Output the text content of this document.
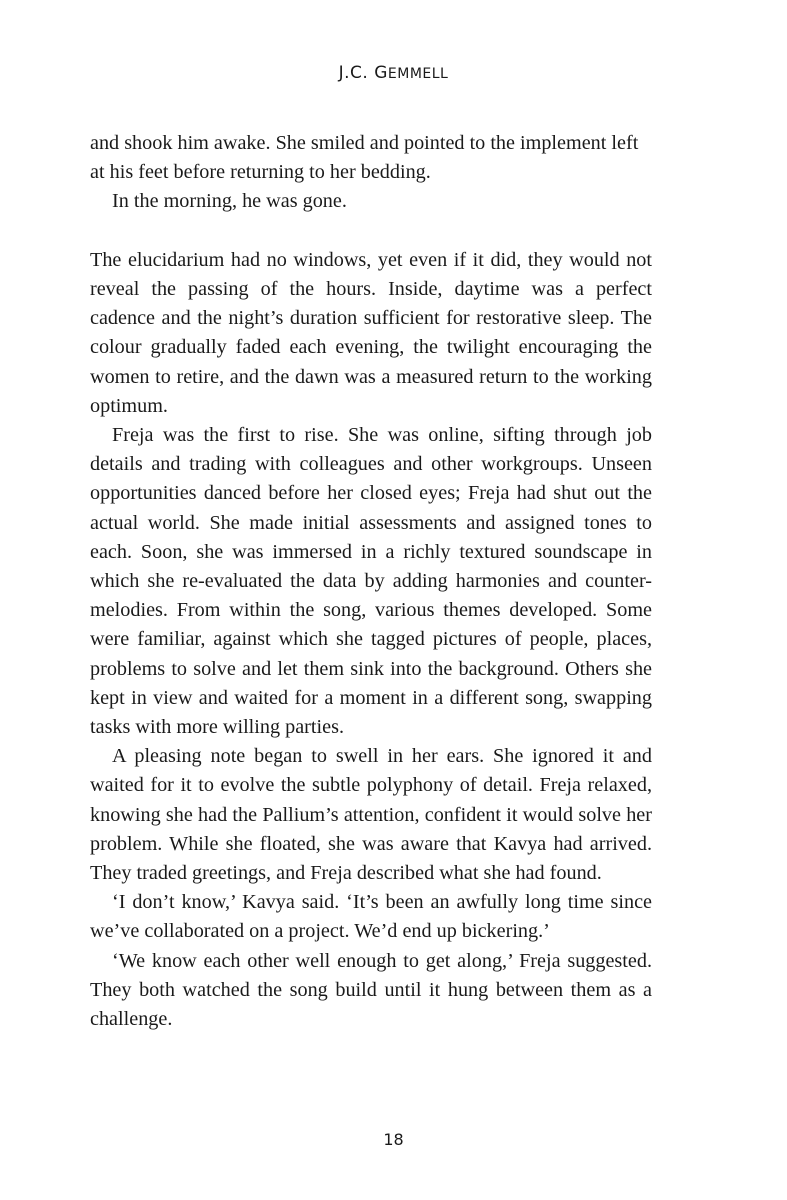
J.C. GEMMELL

and shook him awake. She smiled and pointed to the implement left at his feet before returning to her bedding.

In the morning, he was gone.

The elucidarium had no windows, yet even if it did, they would not reveal the passing of the hours. Inside, daytime was a perfect cadence and the night’s duration sufficient for restorative sleep. The colour gradually faded each evening, the twilight encouraging the women to retire, and the dawn was a measured return to the working optimum.

Freja was the first to rise. She was online, sifting through job details and trading with colleagues and other workgroups. Unseen opportunities danced before her closed eyes; Freja had shut out the actual world. She made initial assessments and assigned tones to each. Soon, she was immersed in a richly textured soundscape in which she re-evaluated the data by adding harmonies and counter-melodies. From within the song, various themes developed. Some were familiar, against which she tagged pictures of people, places, problems to solve and let them sink into the background. Others she kept in view and waited for a moment in a different song, swapping tasks with more willing parties.

A pleasing note began to swell in her ears. She ignored it and waited for it to evolve the subtle polyphony of detail. Freja relaxed, knowing she had the Pallium’s attention, confident it would solve her problem. While she floated, she was aware that Kavya had arrived. They traded greetings, and Freja described what she had found.

‘I don’t know,’ Kavya said. ‘It’s been an awfully long time since we’ve collaborated on a project. We’d end up bickering.’

‘We know each other well enough to get along,’ Freja suggested. They both watched the song build until it hung between them as a challenge.

18
